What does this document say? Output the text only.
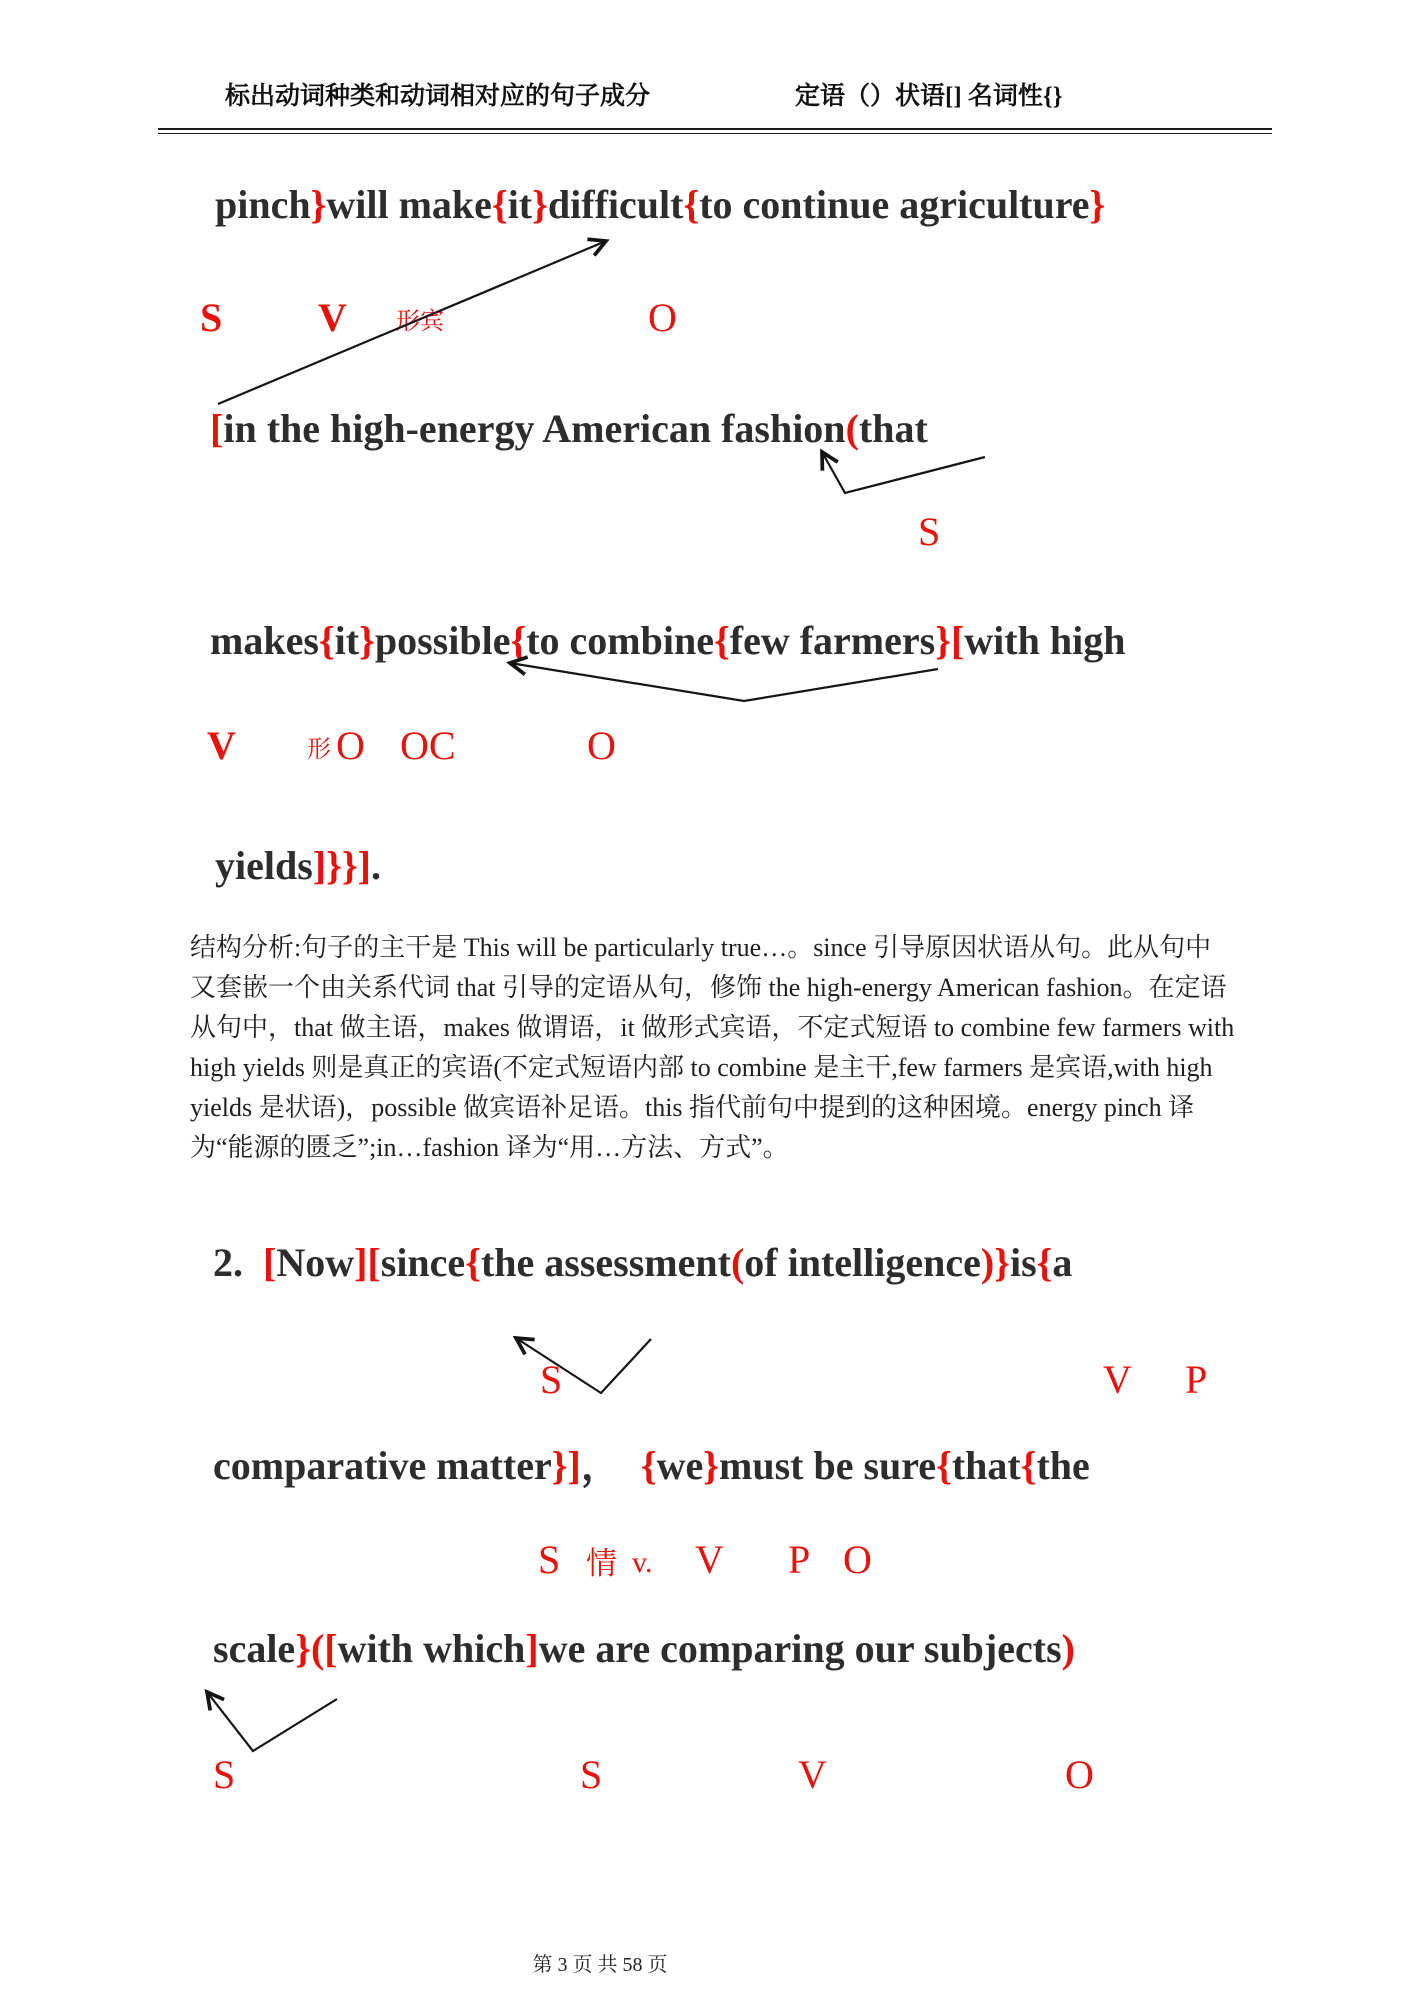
标出动词种类和动词相对应的句子成分	定语（）状语[] 名词性{}
pinch}will make{it}difficult{to continue agriculture}
[in the high-energy American fashion(that
makes{it}possible{to combine{few farmers}[with high
yields]}}].
2.  [Now][since{the assessment(of intelligence)}is{a
comparative matter}]，  {we}must be sure{that{the
scale}([with which]we are comparing our subjects)
S V 形宾	O
S
V	形 O OC	O
S	V P
S 情 v. V P O
S	S	V	O
结构分析:句子的主干是 This will be particularly true…。since 引导原因状语从句。此从句中
又套嵌一个由关系代词 that 引导的定语从句，修饰 the high-energy American fashion。在定语
从句中，that 做主语，makes 做谓语，it 做形式宾语，不定式短语 to combine few farmers with
high yields 则是真正的宾语(不定式短语内部 to combine 是主干,few farmers 是宾语,with high
yields 是状语)，possible 做宾语补足语。this 指代前句中提到的这种困境。energy pinch 译
为“能源的匮乏”;in…fashion 译为“用…方法、方式”。
第 3 页 共 58 页
